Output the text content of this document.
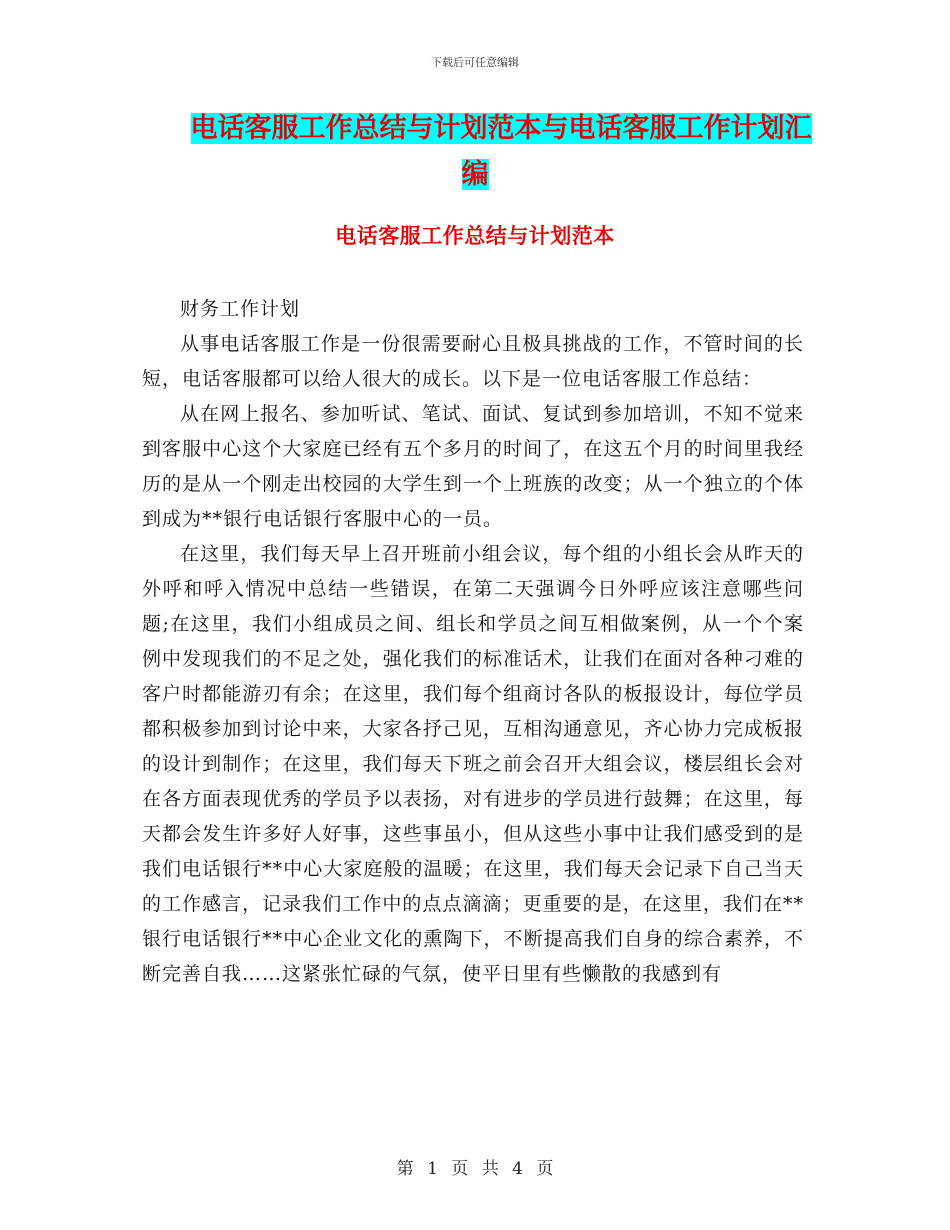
下载后可任意编辑
电话客服工作总结与计划范本与电话客服工作计划汇
编
电话客服工作总结与计划范本

财务工作计划

从事电话客服工作是一份很需要耐心且极具挑战的工作，不管时间的长短，电话客服都可以给人很大的成长。以下是一位电话客服工作总结：

从在网上报名、参加听试、笔试、面试、复试到参加培训，不知不觉来到客服中心这个大家庭已经有五个多月的时间了，在这五个月的时间里我经历的是从一个刚走出校园的大学生到一个上班族的改变；从一个独立的个体到成为**银行电话银行客服中心的一员。

在这里，我们每天早上召开班前小组会议，每个组的小组长会从昨天的外呼和呼入情况中总结一些错误，在第二天强调今日外呼应该注意哪些问题;在这里，我们小组成员之间、组长和学员之间互相做案例，从一个个案例中发现我们的不足之处，强化我们的标准话术，让我们在面对各种刁难的客户时都能游刃有余；在这里，我们每个组商讨各队的板报设计，每位学员都积极参加到讨论中来，大家各抒己见，互相沟通意见，齐心协力完成板报的设计到制作；在这里，我们每天下班之前会召开大组会议，楼层组长会对在各方面表现优秀的学员予以表扬，对有进步的学员进行鼓舞；在这里，每天都会发生许多好人好事，这些事虽小，但从这些小事中让我们感受到的是我们电话银行**中心大家庭般的温暖；在这里，我们每天会记录下自己当天的工作感言，记录我们工作中的点点滴滴；更重要的是，在这里，我们在**银行电话银行**中心企业文化的熏陶下，不断提高我们自身的综合素养，不断完善自我……这紧张忙碌的气氛，使平日里有些懒散的我感到有

第 1 页 共 4 页
